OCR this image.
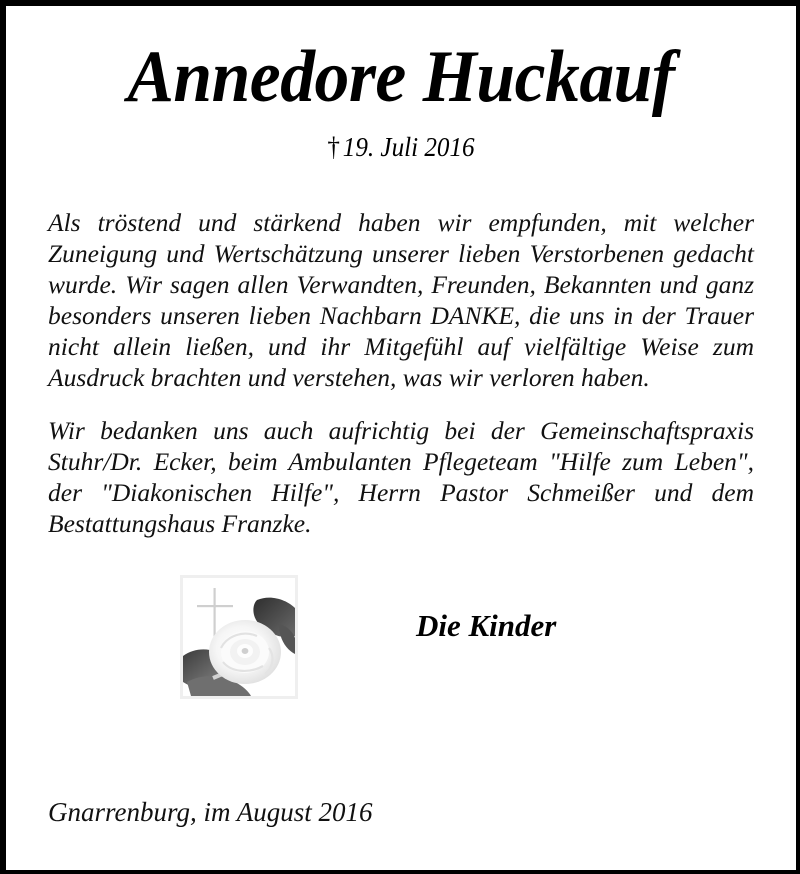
Annedore Huckauf

† 19. Juli 2016

Als tröstend und stärkend haben wir empfunden, mit welcher Zuneigung und Wertschätzung unserer lieben Verstorbenen gedacht wurde. Wir sagen allen Verwandten, Freunden, Bekannten und ganz besonders unseren lieben Nachbarn DANKE, die uns in der Trauer nicht allein ließen, und ihr Mitgefühl auf vielfältige Weise zum Ausdruck brachten und verstehen, was wir verloren haben.

Wir bedanken uns auch aufrichtig bei der Gemeinschaftspraxis Stuhr/Dr. Ecker, beim Ambulanten Pflegeteam "Hilfe zum Leben", der "Diakonischen Hilfe", Herrn Pastor Schmeißer und dem Bestattungshaus Franzke.

Die Kinder

Gnarrenburg, im August 2016
